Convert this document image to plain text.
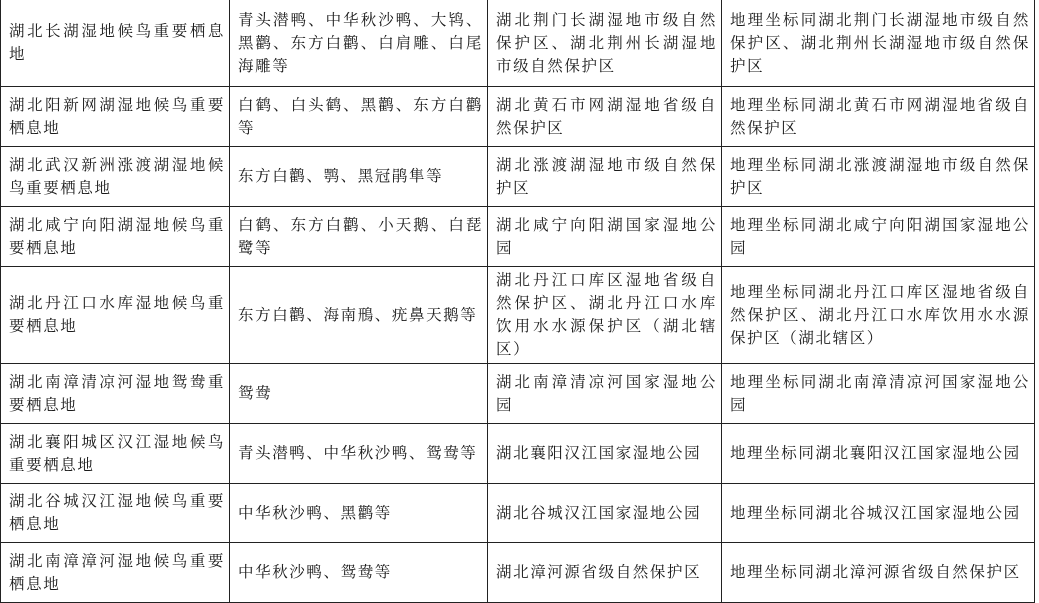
湖北长湖湿地候鸟重要栖息地	青头潜鸭、中华秋沙鸭、大鸨、黑鹳、东方白鹳、白肩雕、白尾海雕等	湖北荆门长湖湿地市级自然保护区、湖北荆州长湖湿地市级自然保护区	地理坐标同湖北荆门长湖湿地市级自然保护区、湖北荆州长湖湿地市级自然保护区
湖北阳新网湖湿地候鸟重要栖息地	白鹤、白头鹤、黑鹳、东方白鹳等	湖北黄石市网湖湿地省级自然保护区	地理坐标同湖北黄石市网湖湿地省级自然保护区
湖北武汉新洲涨渡湖湿地候鸟重要栖息地	东方白鹳、鹗、黑冠鹃隼等	湖北涨渡湖湿地市级自然保护区	地理坐标同湖北涨渡湖湿地市级自然保护区
湖北咸宁向阳湖湿地候鸟重要栖息地	白鹤、东方白鹳、小天鹅、白琵鹭等	湖北咸宁向阳湖国家湿地公园	地理坐标同湖北咸宁向阳湖国家湿地公园
湖北丹江口水库湿地候鸟重要栖息地	东方白鹳、海南鳽、疣鼻天鹅等	湖北丹江口库区湿地省级自然保护区、湖北丹江口水库饮用水水源保护区（湖北辖区）	地理坐标同湖北丹江口库区湿地省级自然保护区、湖北丹江口水库饮用水水源保护区（湖北辖区）
湖北南漳清凉河湿地鸳鸯重要栖息地	鸳鸯	湖北南漳清凉河国家湿地公园	地理坐标同湖北南漳清凉河国家湿地公园
湖北襄阳城区汉江湿地候鸟重要栖息地	青头潜鸭、中华秋沙鸭、鸳鸯等	湖北襄阳汉江国家湿地公园	地理坐标同湖北襄阳汉江国家湿地公园
湖北谷城汉江湿地候鸟重要栖息地	中华秋沙鸭、黑鹳等	湖北谷城汉江国家湿地公园	地理坐标同湖北谷城汉江国家湿地公园
湖北南漳漳河湿地候鸟重要栖息地	中华秋沙鸭、鸳鸯等	湖北漳河源省级自然保护区	地理坐标同湖北漳河源省级自然保护区
